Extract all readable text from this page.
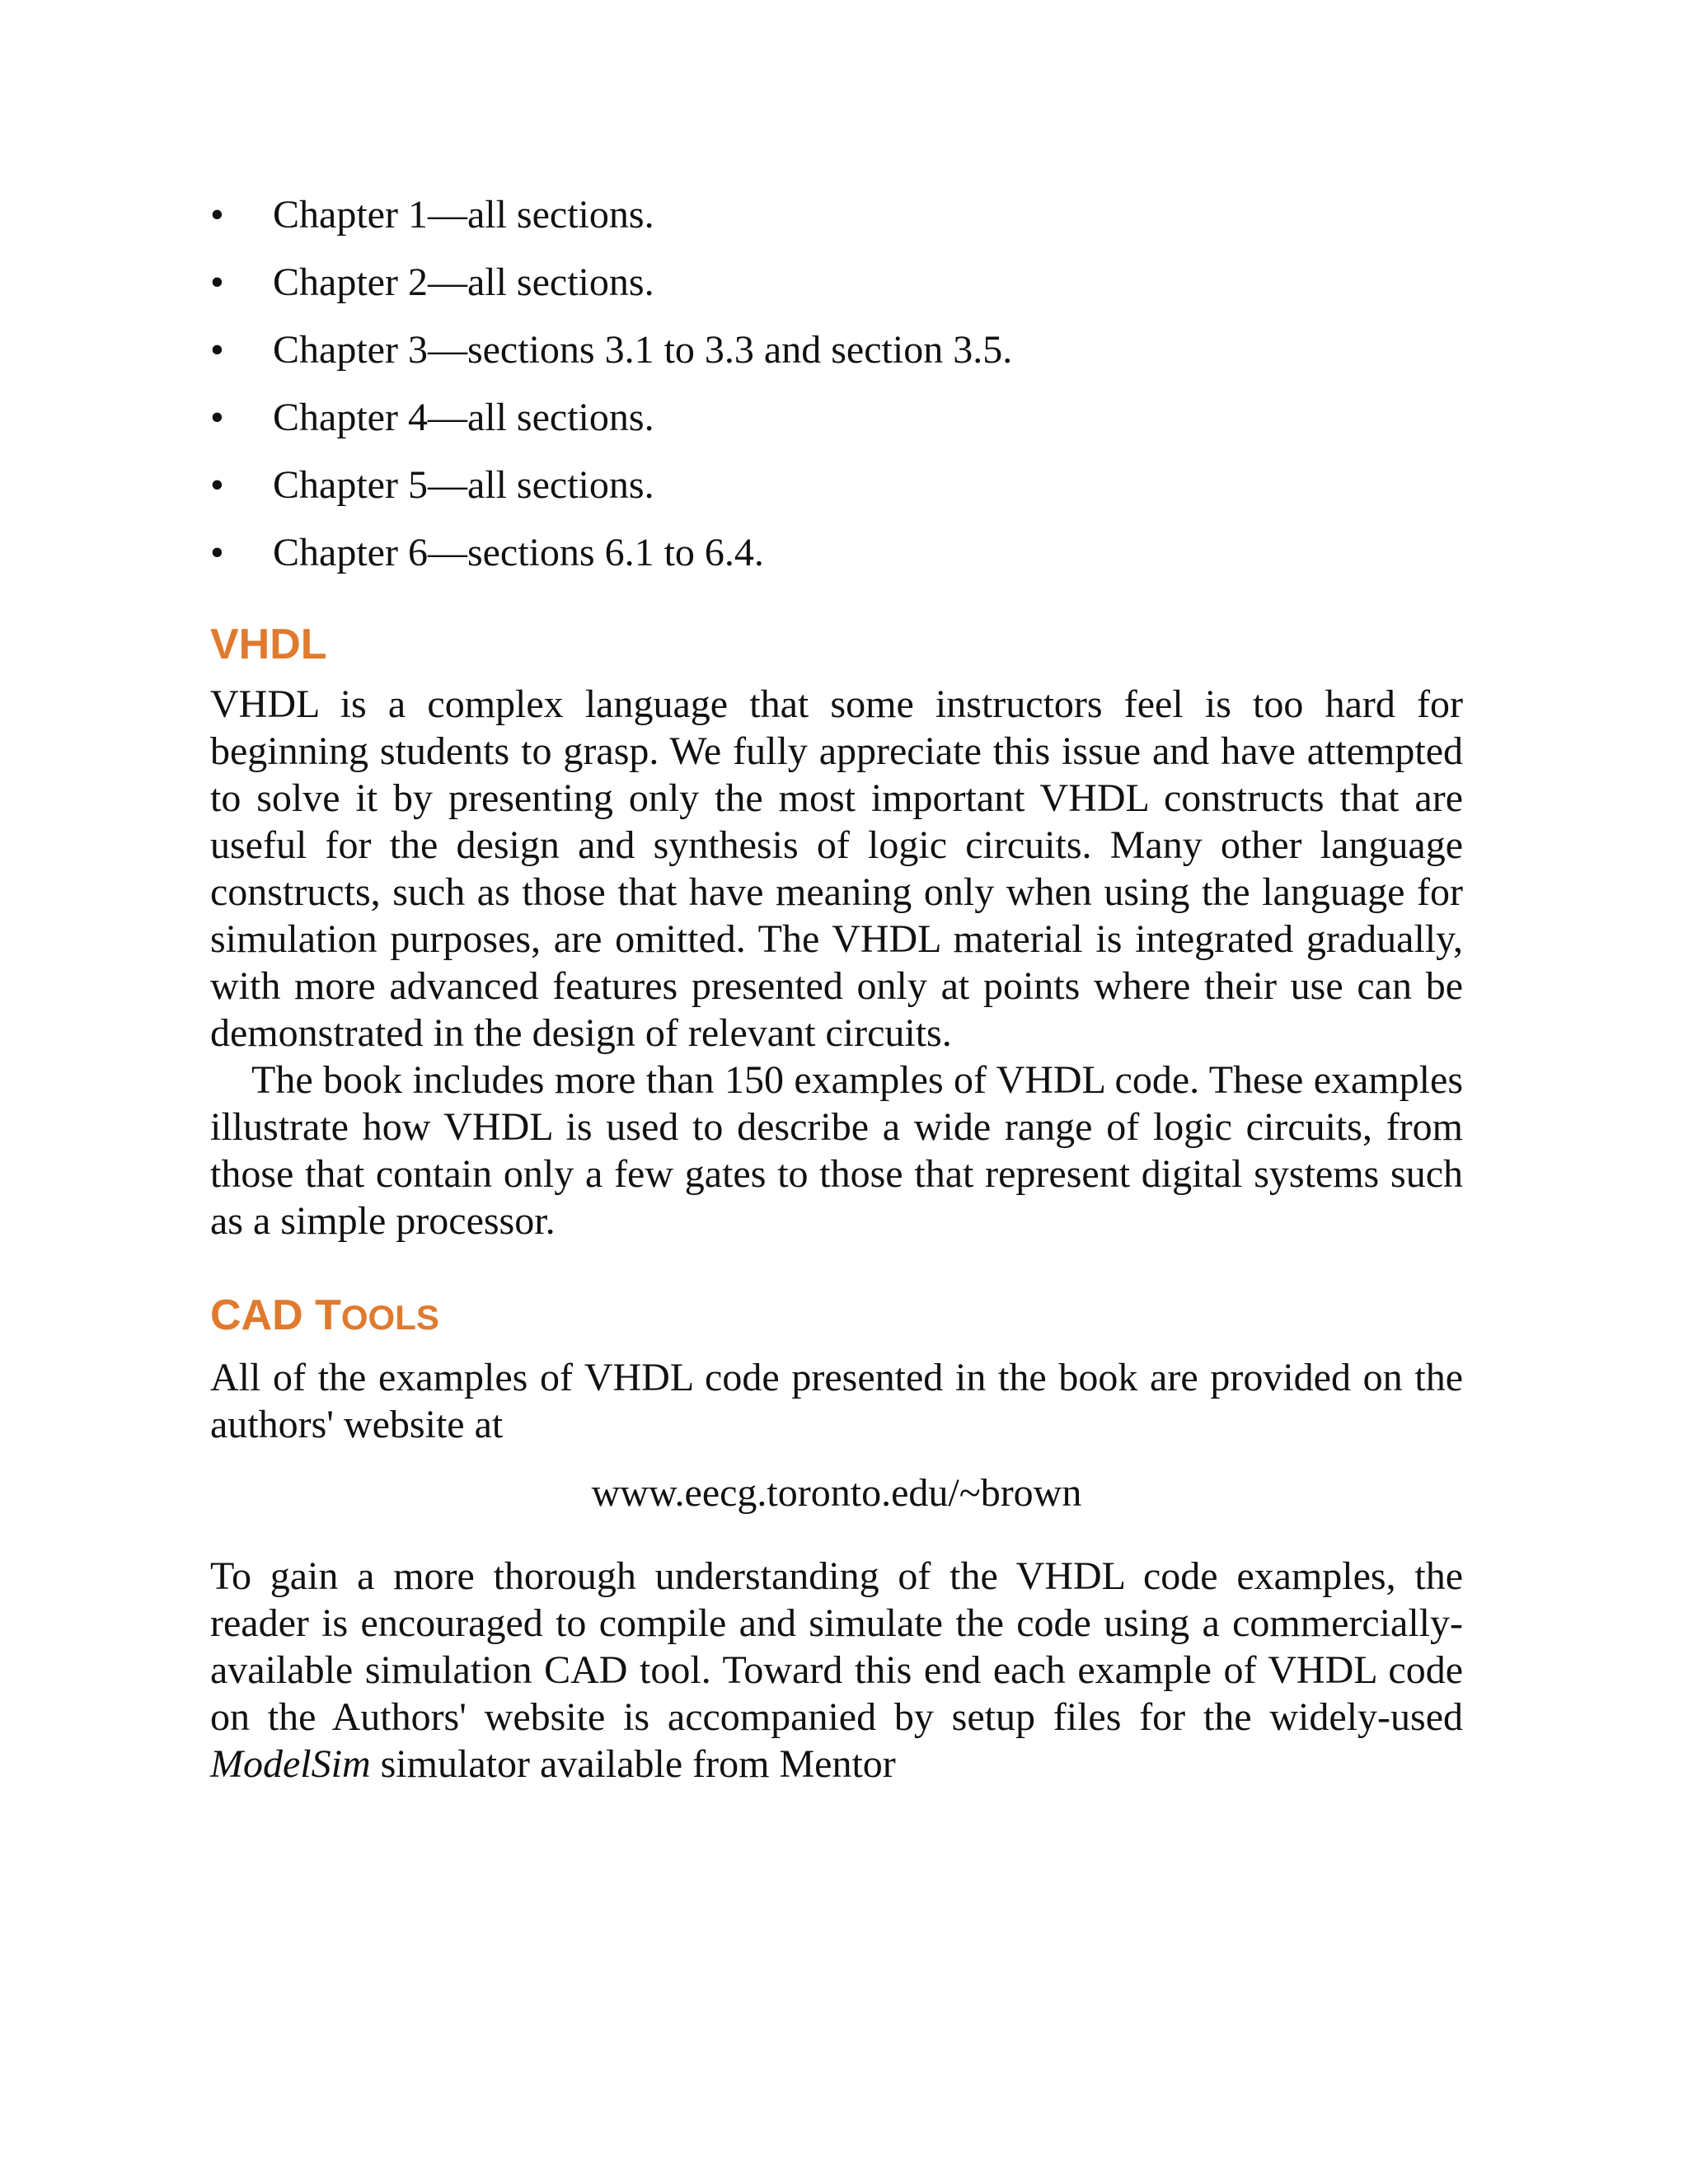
• Chapter 1—all sections.
• Chapter 2—all sections.
• Chapter 3—sections 3.1 to 3.3 and section 3.5.
• Chapter 4—all sections.
• Chapter 5—all sections.
• Chapter 6—sections 6.1 to 6.4.
VHDL

VHDL is a complex language that some instructors feel is too hard for beginning students to grasp. We fully appreciate this issue and have attempted to solve it by presenting only the most important VHDL constructs that are useful for the design and synthesis of logic circuits. Many other language constructs, such as those that have meaning only when using the language for simulation purposes, are omitted. The VHDL material is integrated gradually, with more advanced features presented only at points where their use can be demonstrated in the design of relevant circuits.

The book includes more than 150 examples of VHDL code. These examples illustrate how VHDL is used to describe a wide range of logic circuits, from those that contain only a few gates to those that represent digital systems such as a simple processor.

CAD TOOLS

All of the examples of VHDL code presented in the book are provided on the authors' website at

www.eecg.toronto.edu/~brown

To gain a more thorough understanding of the VHDL code examples, the reader is encouraged to compile and simulate the code using a commercially-available simulation CAD tool. Toward this end each example of VHDL code on the Authors' website is accompanied by setup files for the widely-used ModelSim simulator available from Mentor
